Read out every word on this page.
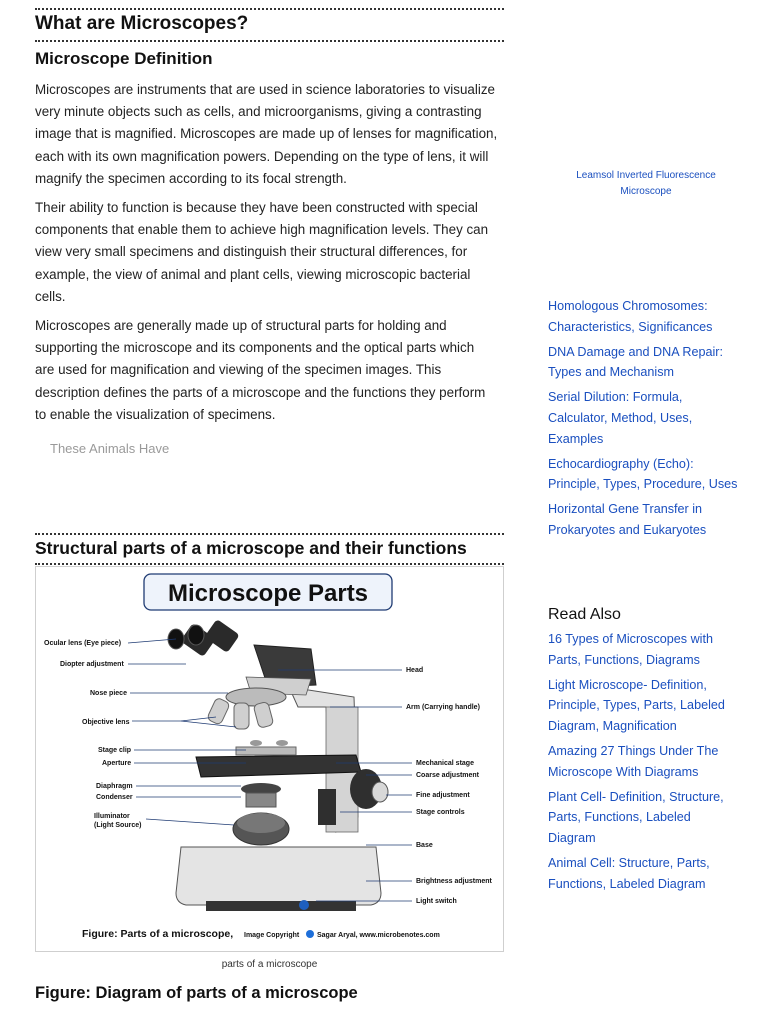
What are Microscopes?
Microscope Definition

Microscopes are instruments that are used in science laboratories to visualize
very minute objects such as cells, and microorganisms, giving a contrasting
image that is magnified. Microscopes are made up of lenses for magnification,
each with its own magnification powers. Depending on the type of lens, it will
magnify the specimen according to its focal strength.

Their ability to function is because they have been constructed with special
components that enable them to achieve high magnification levels. They can
view very small specimens and distinguish their structural differences, for
example, the view of animal and plant cells, viewing microscopic bacterial
cells.

Microscopes are generally made up of structural parts for holding and
supporting the microscope and its components and the optical parts which
are used for magnification and viewing of the specimen images. This
description defines the parts of a microscope and the functions they perform
to enable the visualization of specimens.

These Animals Have
Structural parts of a microscope and their functions
Microscope Parts
Ocular lens (Eye piece)
Diopter adjustment
Nose piece
Objective lens
Stage clip
Aperture
Diaphragm
Condenser
Illuminator
(Light Source)
Head
Arm (Carrying handle)
Mechanical stage
Coarse adjustment
Fine adjustment
Stage controls
Base
Brightness adjustment
Light switch
Figure: Parts of a microscope, Image Copyright	Sagar Aryal, www.microbenotes.com
parts of a microscope
Figure: Diagram of parts of a microscope
Leamsol Inverted Fluorescence
Microscope
Homologous Chromosomes:
Characteristics, Significances
DNA Damage and DNA Repair:
Types and Mechanism
Serial Dilution: Formula,
Calculator, Method, Uses,
Examples
Echocardiography (Echo):
Principle, Types, Procedure, Uses
Horizontal Gene Transfer in
Prokaryotes and Eukaryotes
Read Also
16 Types of Microscopes with
Parts, Functions, Diagrams
Light Microscope- Definition,
Principle, Types, Parts, Labeled
Diagram, Magnification
Amazing 27 Things Under The
Microscope With Diagrams
Plant Cell- Definition, Structure,
Parts, Functions, Labeled
Diagram
Animal Cell: Structure, Parts,
Functions, Labeled Diagram
